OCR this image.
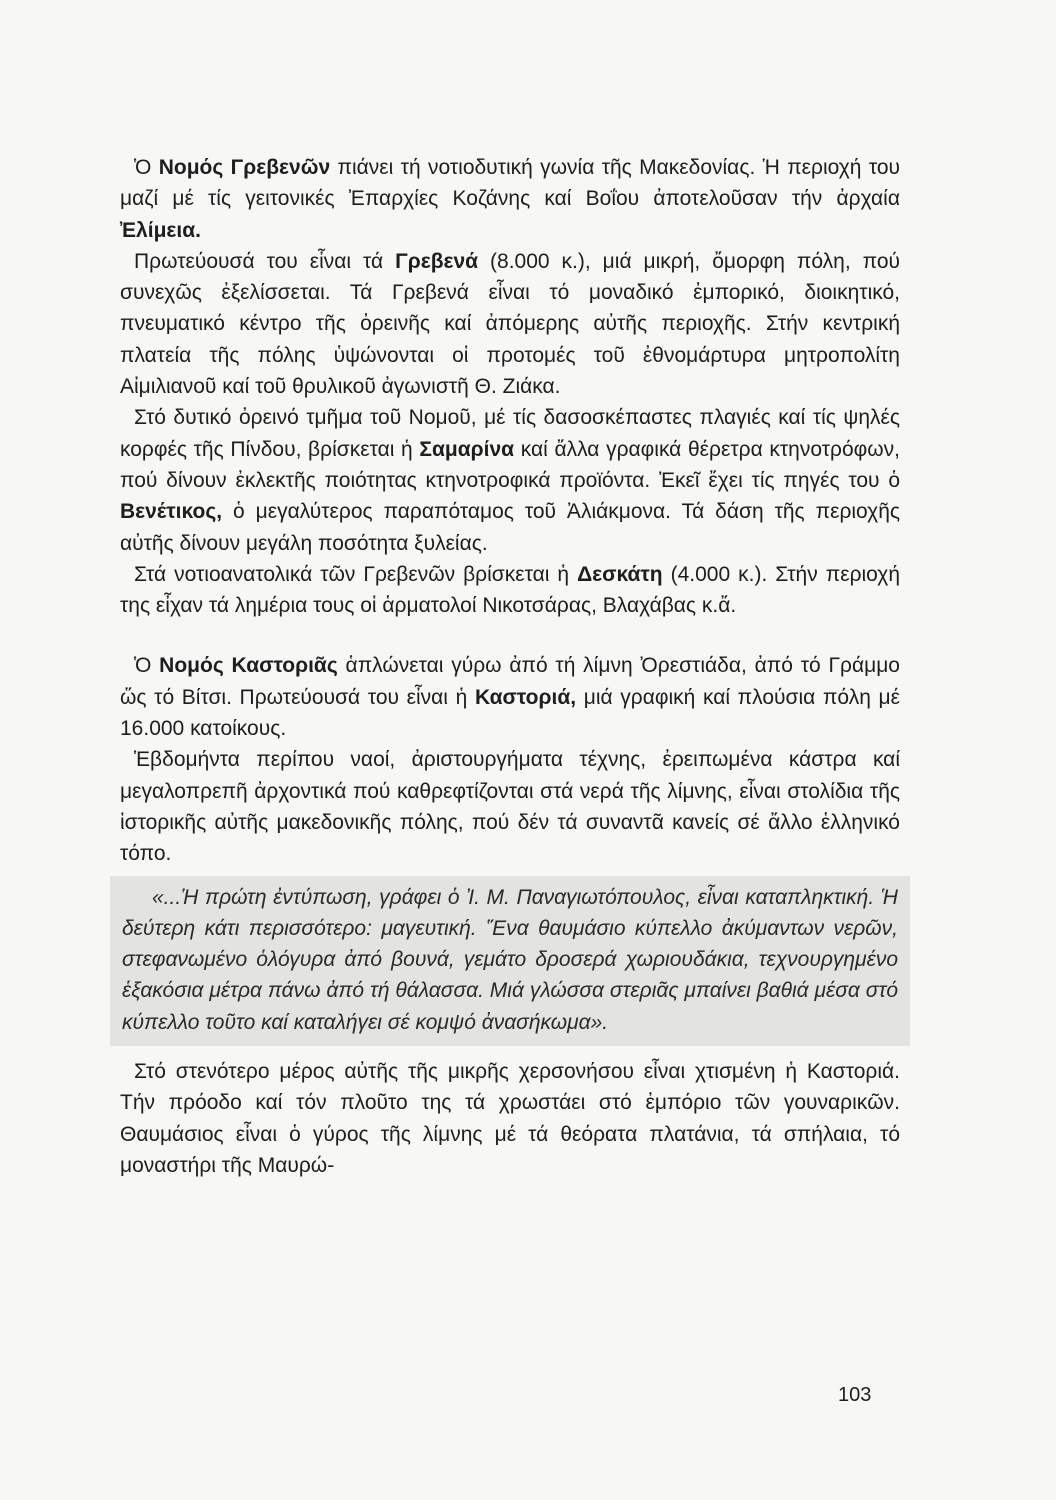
Ὁ Νομός Γρεβενῶν πιάνει τή νοτιοδυτική γωνία τῆς Μακεδονίας. Ἡ περιοχή του μαζί μέ τίς γειτονικές Ἐπαρχίες Κοζάνης καί Βοΐου ἀποτελοῦσαν τήν ἀρχαία Ἐλίμεια.

Πρωτεύουσά του εἶναι τά Γρεβενά (8.000 κ.), μιά μικρή, ὄμορφη πόλη, πού συνεχῶς ἐξελίσσεται. Τά Γρεβενά εἶναι τό μοναδικό ἐμπορικό, διοικητικό, πνευματικό κέντρο τῆς ὀρεινῆς καί ἀπόμερης αὐτῆς περιοχῆς. Στήν κεντρική πλατεία τῆς πόλης ὑψώνονται οἱ προτομές τοῦ ἐθνομάρτυρα μητροπολίτη Αἰμιλιανοῦ καί τοῦ θρυλικοῦ ἀγωνιστῆ Θ. Ζιάκα.

Στό δυτικό ὀρεινό τμῆμα τοῦ Νομοῦ, μέ τίς δασοσκέπαστες πλαγιές καί τίς ψηλές κορφές τῆς Πίνδου, βρίσκεται ἡ Σαμαρίνα καί ἄλλα γραφικά θέρετρα κτηνοτρόφων, πού δίνουν ἐκλεκτῆς ποιότητας κτηνοτροφικά προϊόντα. Ἐκεῖ ἔχει τίς πηγές του ὁ Βενέτικος, ὁ μεγαλύτερος παραπόταμος τοῦ Ἀλιάκμονα. Τά δάση τῆς περιοχῆς αὐτῆς δίνουν μεγάλη ποσότητα ξυλείας.

Στά νοτιοανατολικά τῶν Γρεβενῶν βρίσκεται ἡ Δεσκάτη (4.000 κ.). Στήν περιοχή της εἶχαν τά λημέρια τους οἱ ἁρματολοί Νικοτσάρας, Βλαχάβας κ.ἄ.

Ὁ Νομός Καστοριᾶς ἁπλώνεται γύρω ἀπό τή λίμνη Ὀρεστιάδα, ἀπό τό Γράμμο ὥς τό Βίτσι. Πρωτεύουσά του εἶναι ἡ Καστοριά, μιά γραφική καί πλούσια πόλη μέ 16.000 κατοίκους.

Ἑβδομήντα περίπου ναοί, ἀριστουργήματα τέχνης, ἐρειπωμένα κάστρα καί μεγαλοπρεπῆ ἀρχοντικά πού καθρεφτίζονται στά νερά τῆς λίμνης, εἶναι στολίδια τῆς ἱστορικῆς αὐτῆς μακεδονικῆς πόλης, πού δέν τά συναντᾶ κανείς σέ ἄλλο ἑλληνικό τόπο.

«...Ἡ πρώτη ἐντύπωση, γράφει ὁ Ἰ. Μ. Παναγιωτόπουλος, εἶναι καταπληκτική. Ἡ δεύτερη κάτι περισσότερο: μαγευτική. Ἕνα θαυμάσιο κύπελλο ἀκύμαντων νερῶν, στεφανωμένο ὁλόγυρα ἀπό βουνά, γεμάτο δροσερά χωριουδάκια, τεχνουργημένο ἑξακόσια μέτρα πάνω ἀπό τή θάλασσα. Μιά γλώσσα στεριᾶς μπαίνει βαθιά μέσα στό κύπελλο τοῦτο καί καταλήγει σέ κομψό ἀνασήκωμα».

Στό στενότερο μέρος αὐτῆς τῆς μικρῆς χερσονήσου εἶναι χτισμένη ἡ Καστοριά. Τήν πρόοδο καί τόν πλοῦτο της τά χρωστάει στό ἐμπόριο τῶν γουναρικῶν. Θαυμάσιος εἶναι ὁ γύρος τῆς λίμνης μέ τά θεόρατα πλατάνια, τά σπήλαια, τό μοναστήρι τῆς Μαυρώ-

103
